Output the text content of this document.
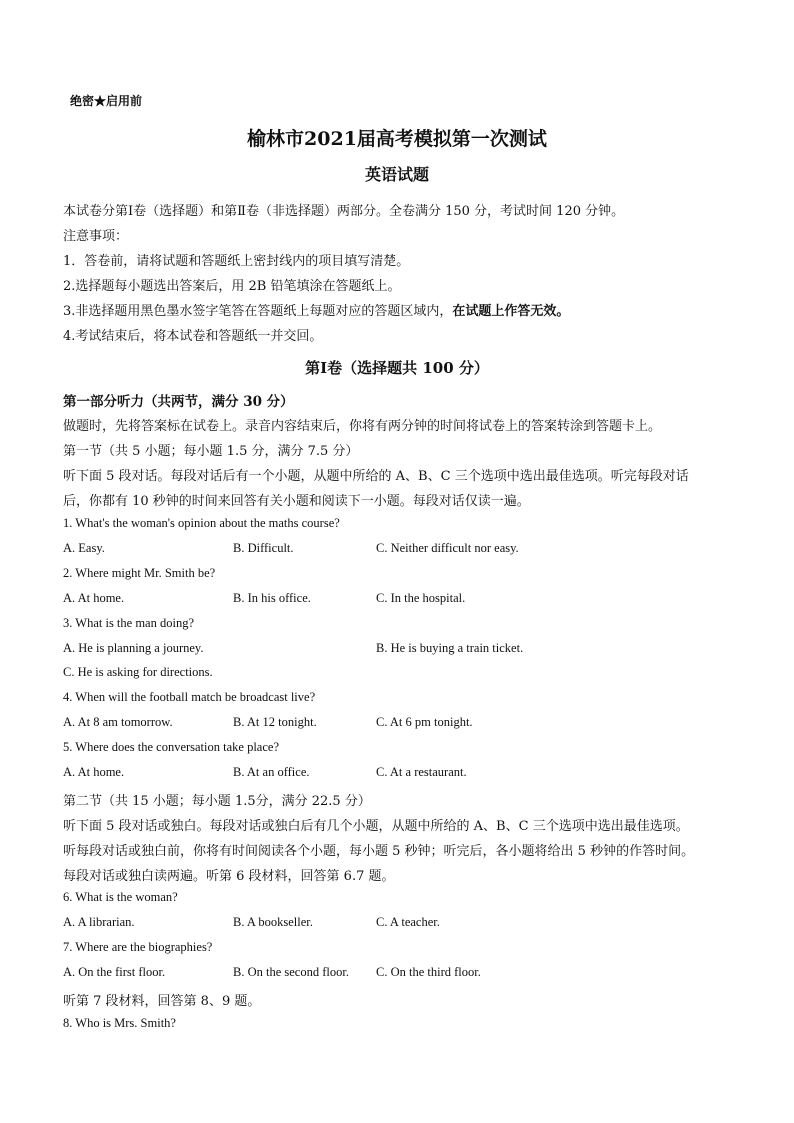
绝密★启用前
榆林市2021届高考模拟第一次测试
英语试题
本试卷分第Ⅰ卷（选择题）和第Ⅱ卷（非选择题）两部分。全卷满分 150 分，考试时间 120 分钟。
注意事项：
1．答卷前，请将试题和答题纸上密封线内的项目填写清楚。
2.选择题每小题选出答案后，用 2B 铅笔填涂在答题纸上。
3.非选择题用黑色墨水签字笔答在答题纸上每题对应的答题区域内，在试题上作答无效。
4.考试结束后，将本试卷和答题纸一并交回。
第Ⅰ卷（选择题共 100 分）
第一部分听力（共两节，满分 30 分）
做题时，先将答案标在试卷上。录音内容结束后，你将有两分钟的时间将试卷上的答案转涂到答题卡上。
第一节（共 5 小题；每小题 1.5 分，满分 7.5 分）
听下面 5 段对话。每段对话后有一个小题，从题中所给的 A、B、C 三个选项中选出最佳选项。听完每段对话
后，你都有 10 秒钟的时间来回答有关小题和阅读下一小题。每段对话仅读一遍。
1. What's the woman's opinion about the maths course?
A. Easy.	B. Difficult.	C. Neither difficult nor easy.
2. Where might Mr. Smith be?
A. At home.	B. In his office.	C. In the hospital.
3. What is the man doing?
A. He is planning a journey.	B. He is buying a train ticket.
C. He is asking for directions.
4. When will the football match be broadcast live?
A. At 8 am tomorrow.	B. At 12 tonight.	C. At 6 pm tonight.
5. Where does the conversation take place?
A. At home.	B. At an office.	C. At a restaurant.
第二节（共 15 小题；每小题 1.5分，满分 22.5 分）
听下面 5 段对话或独白。每段对话或独白后有几个小题，从题中所给的 A、B、C 三个选项中选出最佳选项。
听每段对话或独白前，你将有时间阅读各个小题，每小题 5 秒钟；听完后，各小题将给出 5 秒钟的作答时间。
每段对话或独白读两遍。听第 6 段材料，回答第 6.7 题。
6. What is the woman?
A. A librarian.	B. A bookseller.	C. A teacher.
7. Where are the biographies?
A. On the first floor.	B. On the second floor. C. On the third floor.
听第 7 段材料，回答第 8、9 题。
8. Who is Mrs. Smith?
